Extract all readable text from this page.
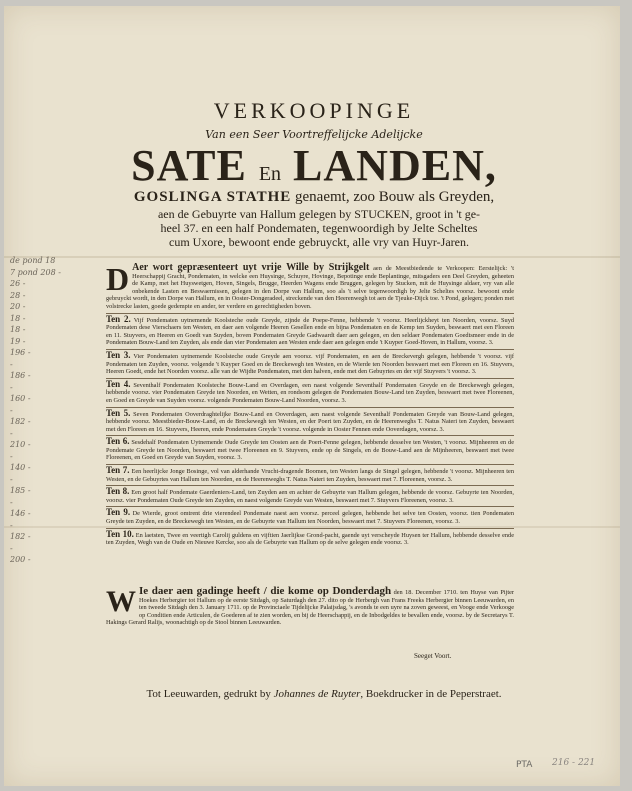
VERKOOPINGE
Van een Seer Voortreffelijcke Adelijcke
SATE En LANDEN,
GOSLINGA STATHE genaemt, zoo Bouw als Greyden,
aen de Gebuyrte van Hallum gelegen by STUCKEN, groot in 't ge-
heel 37. en een half Pondematen, tegenwoordigh by Jelte Scheltes
cum Uxore, bewoont ende gebruyckt, alle vry van Huyr-Jaren.
de pond 18
7 pond 208 -
26 -
28 -
20 -
18 -
18 -
19 -
196 -
-
186 -
-
160 -
-
182 -
-
210 -
-
140 -
-
185 -
-
146 -
-
182 -
-
200 -

D Aer wort gepræsenteert uyt vrije Wille by Strijkgelt aen de Meestbiedende te Verkoopen: Eerstelijck: 't Heerschappij Gracht, Pondematen, in welcke een Huysinge, Schuyre, Hovinge, Bepotinge ende Beplantinge, mitsgaders een Deel Greyden, geheeten de Kamp, met het Huyswetgen, Hoven, Singels, Brugge, Heerden Wagens ende Bruggen, gelegen by Stucken, mit de Huysinge aldaer, vry van alle onbekende Lasten en Beswaernissen, gelegen in den Dorpe van Hallum, soo als 't selve tegenwoordigh by Jelte Scheltes voorsz. bewoont ende gebruyckt wordt, in den Dorpe van Hallum, en in Ooster-Dongeradeel, streckende van den Heerenwegh tot aen de Tjeuke-Dijck toe. 't Pond, gelegen; ponden met volstrecke lasten, goede gedempte en ander, ter verdere en gerechtigheden boven.

Ten 2. Vijf Pondematen uytnemende Koolsteche oude Greyde, zijnde de Poepe-Fenne, hebbende 't voorsz. Heerlijckheyt ten Noorden, voorsz. Suyd Pondematen dese Vierschaers ten Westen, en daer aen volgende Heeren Gesellen ende en bijna Pondematen en de Kemp ten Suyden, beswaert met een Floreen en 11. Stuyvers, en Heeren en Goedt van Suyden, boven Pondematen Greyde Gadwaardt daer aen gelegen, en den seldaer Pondematen Goedtsmeer ende in de Pondematen Bouw-Land ten Zuyden, als ende dan vier Pondematen aen Westen ende daer aen gelegen ende 't Kuyper Goed-Hoven, in Hallum, voorsz. 3.

Ten 3. Vier Pondematen uytnemende Koolsteche oude Greyde aen voorsz. vijf Pondematen, en aen de Breckevergh gelegen, hebbende 't voorsz. vijf Pondematen ten Zuyden, voorsz. volgende 't Kuyper Goed en de Breckewegh ten Westen, en de Wierde ten Noorden beswaert met een Floreen en 16. Stuyvers, Heeren Goedt, ende het Noorden voorsz. alle van de Wijdte Pondematen, met den halven, ende met den Gebuyrtes en der vijf Stuyvers 't voorsz. 3.

Ten 4. Seventhalf Pondematen Koolsteche Bouw-Land en Overdagen, een naest volgende Seventhalf Pondematen Greyde en de Breckewegh gelegen, hebbende voorsz. vier Pondematen Greyde ten Noorden, en Wetten, en rondsom gelegen de Pondematen Bouw-Land ten Zuyden, beswaert met twee Floreenen, en Goed en Greyde van Suyden voorsz. volgende Pondematen Bouw-Land Noorden, voorsz. 3.

Ten 5. Seven Pondematen Ooverdraghtelijke Bouw-Land en Ooverdagen, aen naest volgende Seventhalf Pondematen Greyde van Bouw-Land gelegen, hebbende voorsz. Meestbieder-Bouw-Land, en de Breckewegh ten Westen, en der Poert ten Zuyden, en de Heerenweghs T. Natus Nateri ten Zuyden, beswaert met den Floreen en 16. Stuyvers, Heeren, ende Pondematen Greyde 't voorsz. volgende in Ooster Fennen ende Ooverdagen, voorsz. 3.

Ten 6. Sesdehalf Pondematen Uytnemende Oude Greyde ten Oosten aen de Poert-Fenne gelegen, hebbende desselve ten Westen, 't voorsz. Mijnheeren en de Pondemate Greyde ten Noorden, beswaert met twee Floreenen en 9. Stuyvers, ende op de Singels, en de Bouw-Land aen de Mijnheeren, beswaert met twee Floreenen, en Goed en Greyde van Suyden, voorsz. 3.

Ten 7. Een heerlijcke Jonge Bosinge, vol van alderhande Vrucht-dragende Boomen, ten Westen langs de Singel gelegen, hebbende 't voorsz. Mijnheeren ten Westen, en de Gebuyrtes van Hallum ten Noorden, en de Heerenweghs T. Natus Nateri ten Zuyden, beswaert met 7. Floreenen, voorsz. 3.

Ten 8. Een groot half Pondemate Gaerdeniers-Land, ten Zuyden aen en achter de Gebuyrte van Hallum gelegen, hebbende de voorsz. Gebuyrte ten Noorden, voorsz. vier Pondematen Oude Greyde ten Zuyden, en naest volgende Greyde van Westen, beswaert met 7. Stuyvers Floreenen, voorsz. 3.

Ten 9. De Wierde, groot omtrent drie vierendeel Pondemate naest aen voorsz. perceel gelegen, hebbende het selve ten Oosten, voorsz. tien Pondematen Greyde ten Zuyden, en de Breckewegh ten Westen, en de Gebuyrte van Hallum ten Noorden, beswaert met 7. Stuyvers Floreenen, voorsz. 3.

Ten 10. En laetsten, Twee en veertigh Carolij guldens en vijftien Jaerlijkse Grond-pacht, gaende uyt verscheyde Huysen ter Hallum, hebbende desselve ende ten Zuyden, Wegh van de Oude en Nieuwe Kercke, soo als de Gebuyrte van Hallum op de selve gelegen ende voorsz. 3.

W Ie daer aen gadinge heeft / die kome op Donderdagh den 18. December 1710. ten Huyse van Pijter Hoekes Herbergier tot Hallum op de eerste Sitdagh, op Saturdagh den 27. dito op de Herbergh van Frans Freeks Herbergier binnen Leeuwarden, en ten tweede Sitdagh den 3. January 1711. op de Provinciaele Tijdelijcke Palaijsdag, 's avonds te een uyre na zoven geweest, en Vooge ende Verkooge op Conditien ende Articulen, de Goederen af te zien worden, en bij de Heerschappij, en de Inbodgeldes te bevallen ende, voorsz. by de Secretarys T. Hakings Gerard Ralijs, woonachtigh op de Stool binnen Leeuwarden.
Seeget Voort.
Tot Leeuwarden, gedrukt by Johannes de Ruyter, Boekdrucker in de Peperstraet.
PTA 216 - 221
